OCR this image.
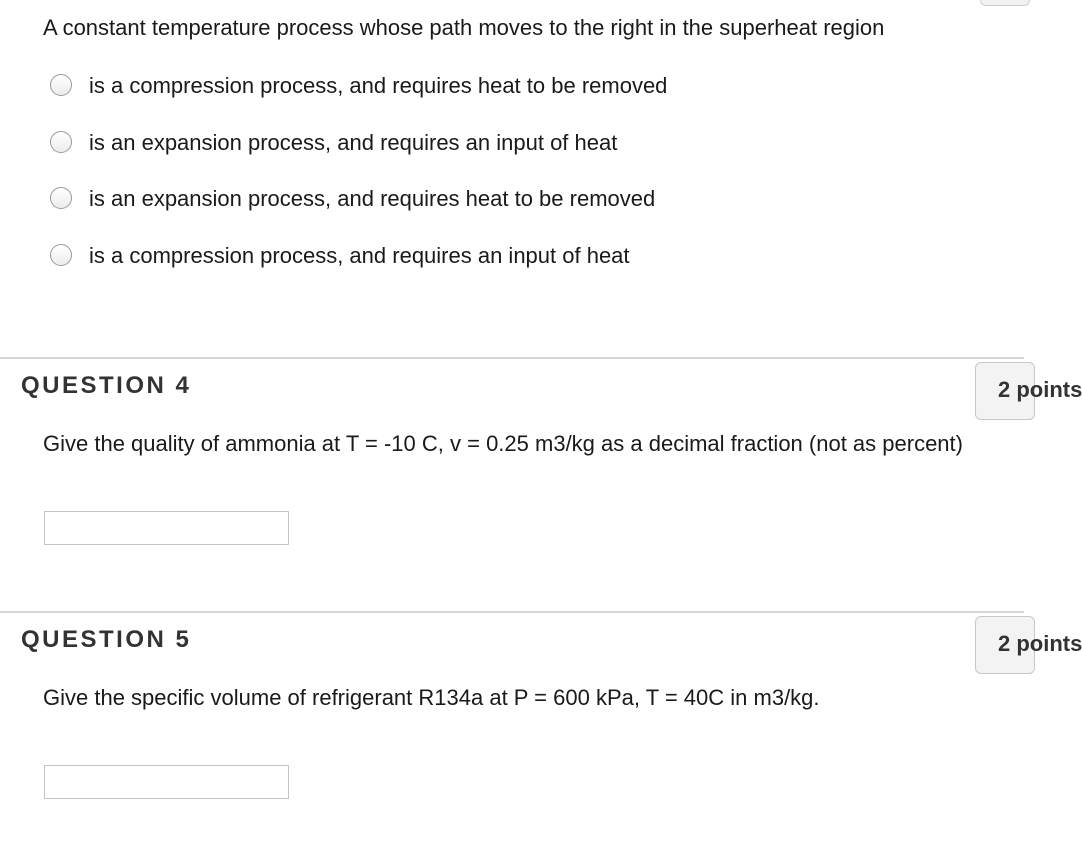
A constant temperature process whose path moves to the right in the superheat region
is a compression process, and requires heat to be removed
is an expansion process, and requires an input of heat
is an expansion process, and requires heat to be removed
is a compression process, and requires an input of heat
QUESTION 4	2 points
Give the quality of ammonia at T = -10 C, v = 0.25 m3/kg as a decimal fraction (not as percent)
QUESTION 5	2 points
Give the specific volume of refrigerant R134a at P = 600 kPa, T = 40C in m3/kg.
